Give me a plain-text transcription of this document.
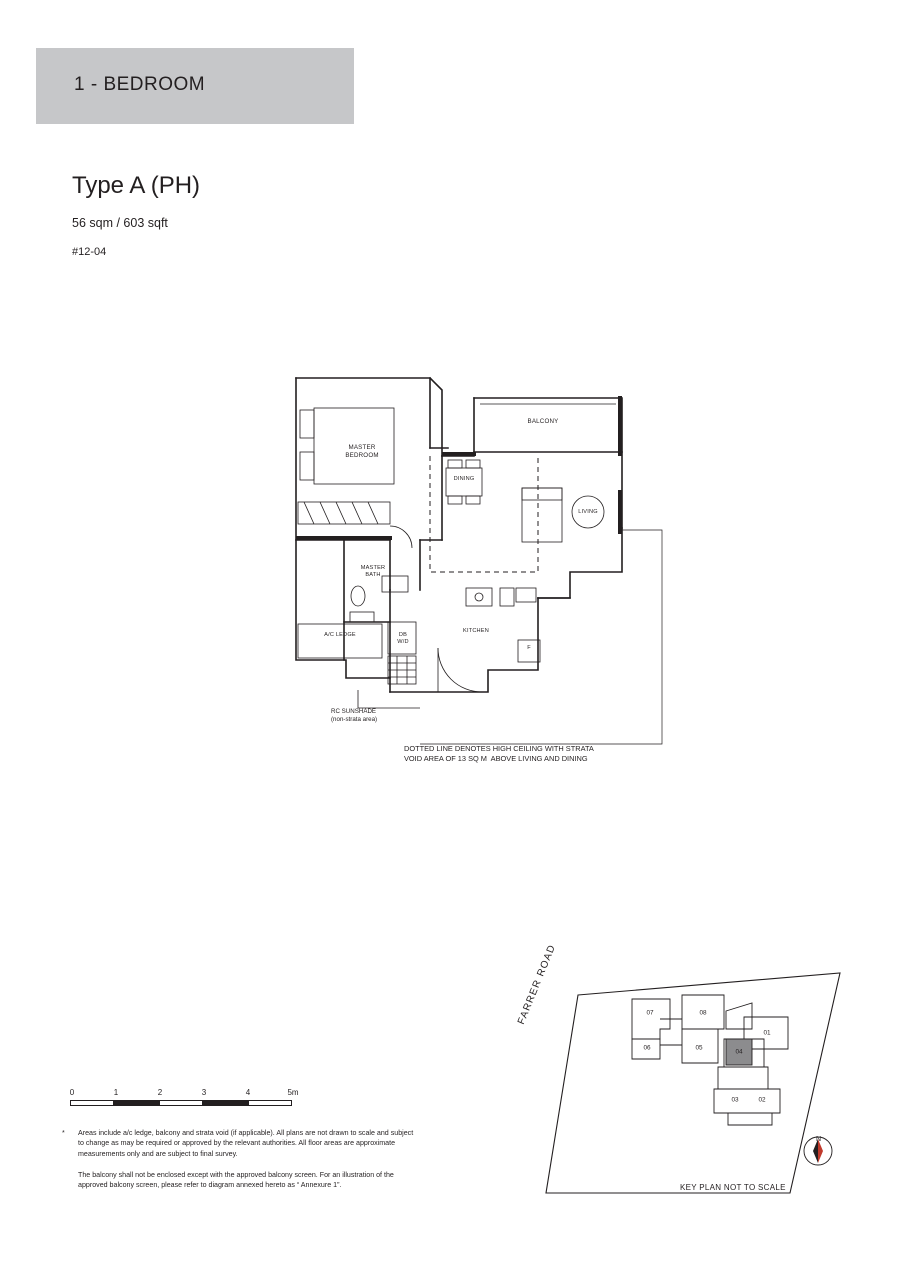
1 - BEDROOM
Type A (PH)
56 sqm / 603 sqft
#12-04
MASTER
BEDROOM
BALCONY
DINING
LIVING
MASTER
BATH
KITCHEN
A/C LEDGE	DB
W/D
F
RC SUNSHADE
(non-strata area)
DOTTED LINE DENOTES HIGH CEILING WITH STRATA
VOID AREA OF 13 SQ M  ABOVE LIVING AND DINING
0	1	2	3	4	5m
* Areas include a/c ledge, balcony and strata void (if applicable). All plans are not drawn to scale and subject to change as may be required or approved by the relevant authorities. All floor areas are approximate measurements only and are subject to final survey.
The balcony shall not be enclosed except with the approved balcony screen. For an illustration of the approved balcony screen, please refer to diagram annexed hereto as “ Annexure 1”.
07	08
01
06	05
04
03	02
FARRER ROAD
N
KEY PLAN NOT TO SCALE
